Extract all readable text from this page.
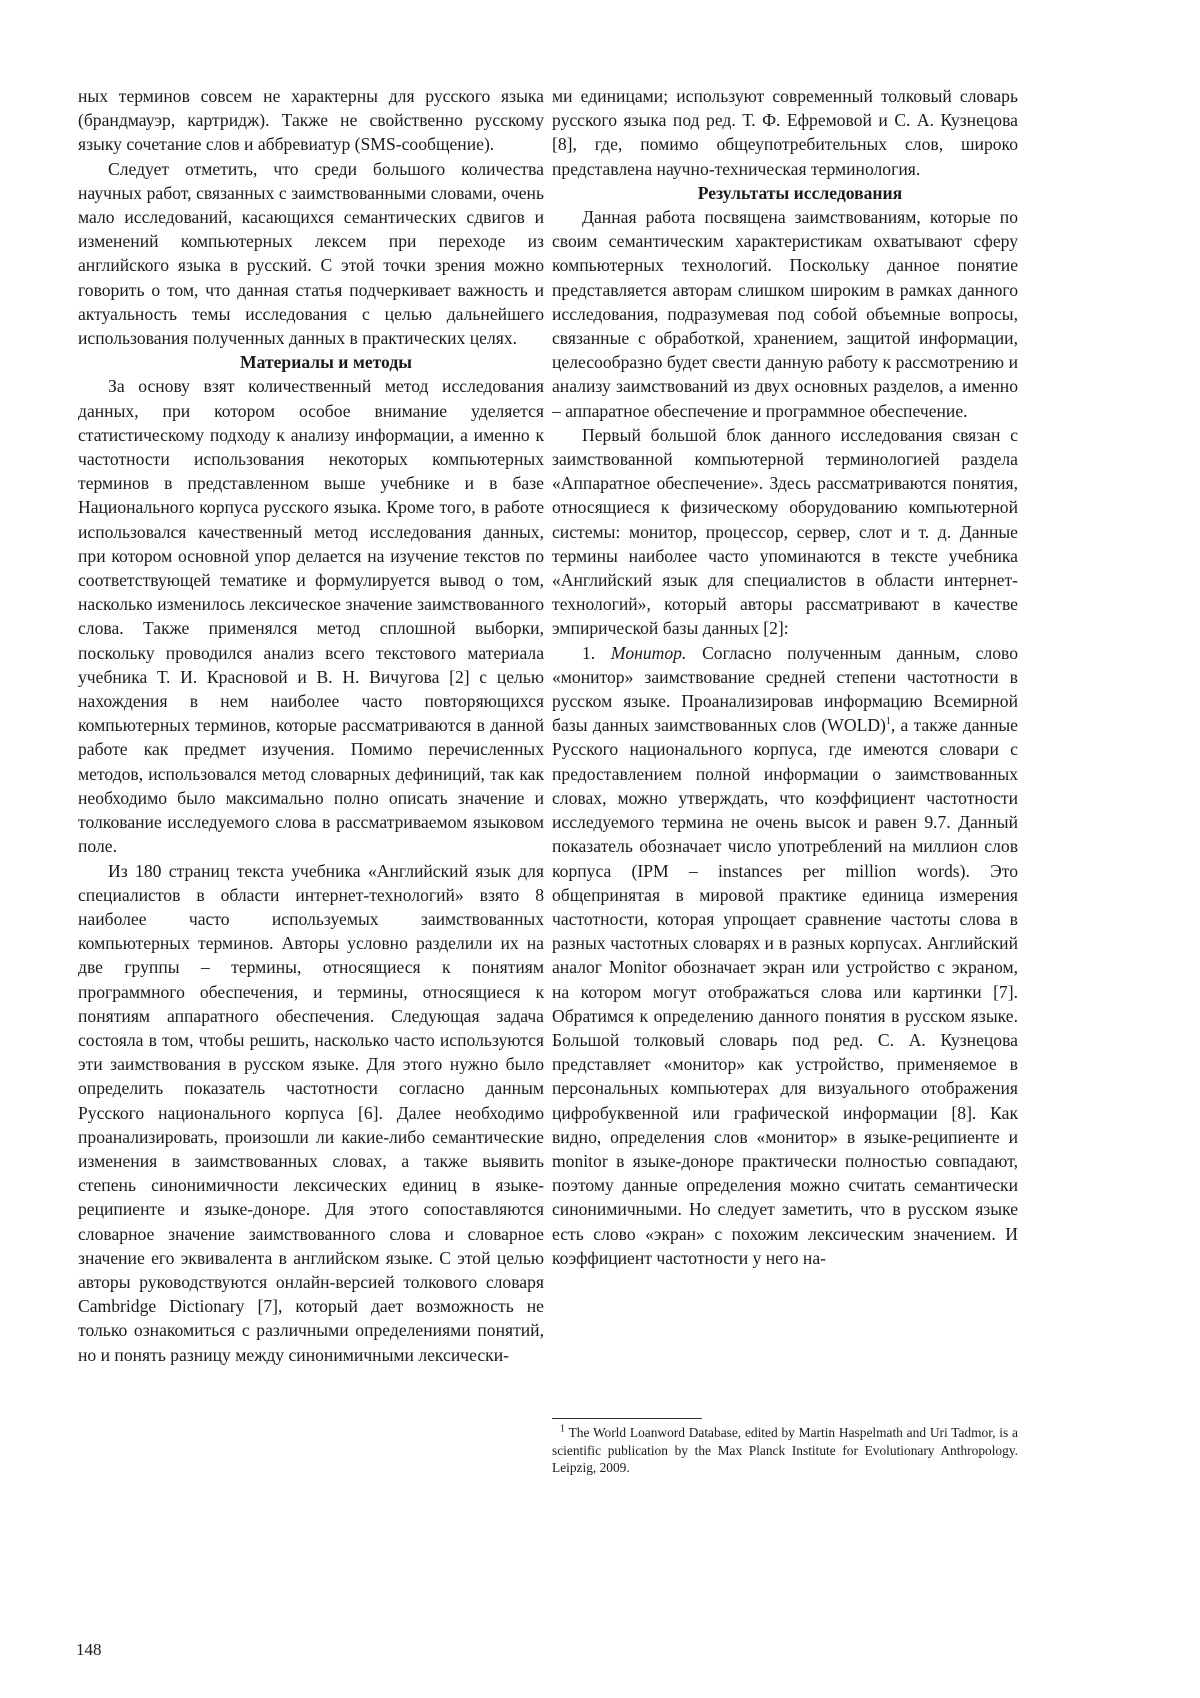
ных терминов совсем не характерны для русского языка (брандмауэр, картридж). Также не свойственно русскому языку сочетание слов и аббревиатур (SMS-сообщение).

Следует отметить, что среди большого количества научных работ, связанных с заимствованными словами, очень мало исследований, касающихся семантических сдвигов и изменений компьютерных лексем при переходе из английского языка в русский. С этой точки зрения можно говорить о том, что данная статья подчеркивает важность и актуальность темы исследования с целью дальнейшего использования полученных данных в практических целях.

Материалы и методы

За основу взят количественный метод исследования данных, при котором особое внимание уделяется статистическому подходу к анализу информации, а именно к частотности использования некоторых компьютерных терминов в представленном выше учебнике и в базе Национального корпуса русского языка. Кроме того, в работе использовался качественный метод исследования данных, при котором основной упор делается на изучение текстов по соответствующей тематике и формулируется вывод о том, насколько изменилось лексическое значение заимствованного слова. Также применялся метод сплошной выборки, поскольку проводился анализ всего текстового материала учебника Т. И. Красновой и В. Н. Вичугова [2] с целью нахождения в нем наиболее часто повторяющихся компьютерных терминов, которые рассматриваются в данной работе как предмет изучения. Помимо перечисленных методов, использовался метод словарных дефиниций, так как необходимо было максимально полно описать значение и толкование исследуемого слова в рассматриваемом языковом поле.

Из 180 страниц текста учебника «Английский язык для специалистов в области интернет-технологий» взято 8 наиболее часто используемых заимствованных компьютерных терминов. Авторы условно разделили их на две группы – термины, относящиеся к понятиям программного обеспечения, и термины, относящиеся к понятиям аппаратного обеспечения. Следующая задача состояла в том, чтобы решить, насколько часто используются эти заимствования в русском языке. Для этого нужно было определить показатель частотности согласно данным Русского национального корпуса [6]. Далее необходимо проанализировать, произошли ли какие-либо семантические изменения в заимствованных словах, а также выявить степень синонимичности лексических единиц в языке-реципиенте и языке-доноре. Для этого сопоставляются словарное значение заимствованного слова и словарное значение его эквивалента в английском языке. С этой целью авторы руководствуются онлайн-версией толкового словаря Cambridge Dictionary [7], который дает возможность не только ознакомиться с различными определениями понятий, но и понять разницу между синонимичными лексически-

ми единицами; используют современный толковый словарь русского языка под ред. Т. Ф. Ефремовой и С. А. Кузнецова [8], где, помимо общеупотребительных слов, широко представлена научно-техническая терминология.

Результаты исследования

Данная работа посвящена заимствованиям, которые по своим семантическим характеристикам охватывают сферу компьютерных технологий. Поскольку данное понятие представляется авторам слишком широким в рамках данного исследования, подразумевая под собой объемные вопросы, связанные с обработкой, хранением, защитой информации, целесообразно будет свести данную работу к рассмотрению и анализу заимствований из двух основных разделов, а именно – аппаратное обеспечение и программное обеспечение.

Первый большой блок данного исследования связан с заимствованной компьютерной терминологией раздела «Аппаратное обеспечение». Здесь рассматриваются понятия, относящиеся к физическому оборудованию компьютерной системы: монитор, процессор, сервер, слот и т. д. Данные термины наиболее часто упоминаются в тексте учебника «Английский язык для специалистов в области интернет-технологий», который авторы рассматривают в качестве эмпирической базы данных [2]:

1. Монитор. Согласно полученным данным, слово «монитор» заимствование средней степени частотности в русском языке. Проанализировав информацию Всемирной базы данных заимствованных слов (WOLD)$^1$, а также данные Русского национального корпуса, где имеются словари с предоставлением полной информации о заимствованных словах, можно утверждать, что коэффициент частотности исследуемого термина не очень высок и равен 9.7. Данный показатель обозначает число употреблений на миллион слов корпуса (IPM – instances per million words). Это общепринятая в мировой практике единица измерения частотности, которая упрощает сравнение частоты слова в разных частотных словарях и в разных корпусах. Английский аналог Monitor обозначает экран или устройство с экраном, на котором могут отображаться слова или картинки [7]. Обратимся к определению данного понятия в русском языке. Большой толковый словарь под ред. С. А. Кузнецова представляет «монитор» как устройство, применяемое в персональных компьютерах для визуального отображения цифробуквенной или графической информации [8]. Как видно, определения слов «монитор» в языке-реципиенте и monitor в языке-доноре практически полностью совпадают, поэтому данные определения можно считать семантически синонимичными. Но следует заметить, что в русском языке есть слово «экран» с похожим лексическим значением. И коэффициент частотности у него на-

$^1$ The World Loanword Database, edited by Martin Haspelmath and Uri Tadmor, is a scientific publication by the Max Planck Institute for Evolutionary Anthropology. Leipzig, 2009.
148
